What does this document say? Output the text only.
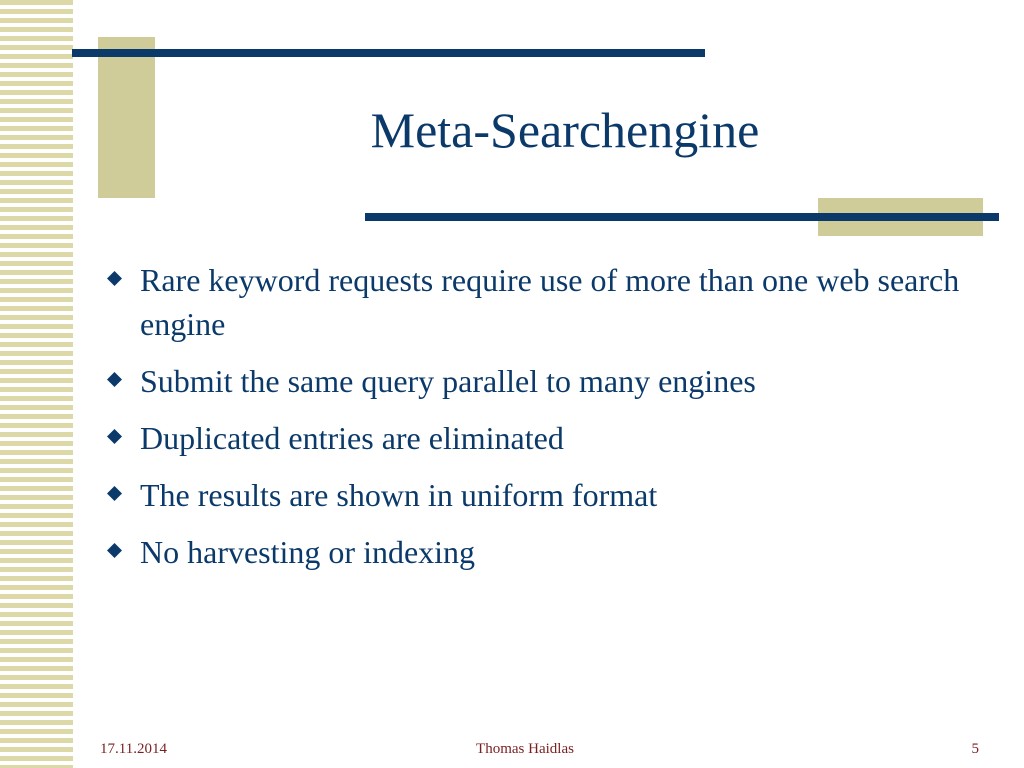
Meta-Searchengine
Rare keyword requests require use of more than one web search engine
Submit the same query parallel to many engines
Duplicated entries are eliminated
The results are shown in uniform format
No harvesting or indexing
17.11.2014	Thomas Haidlas	5
